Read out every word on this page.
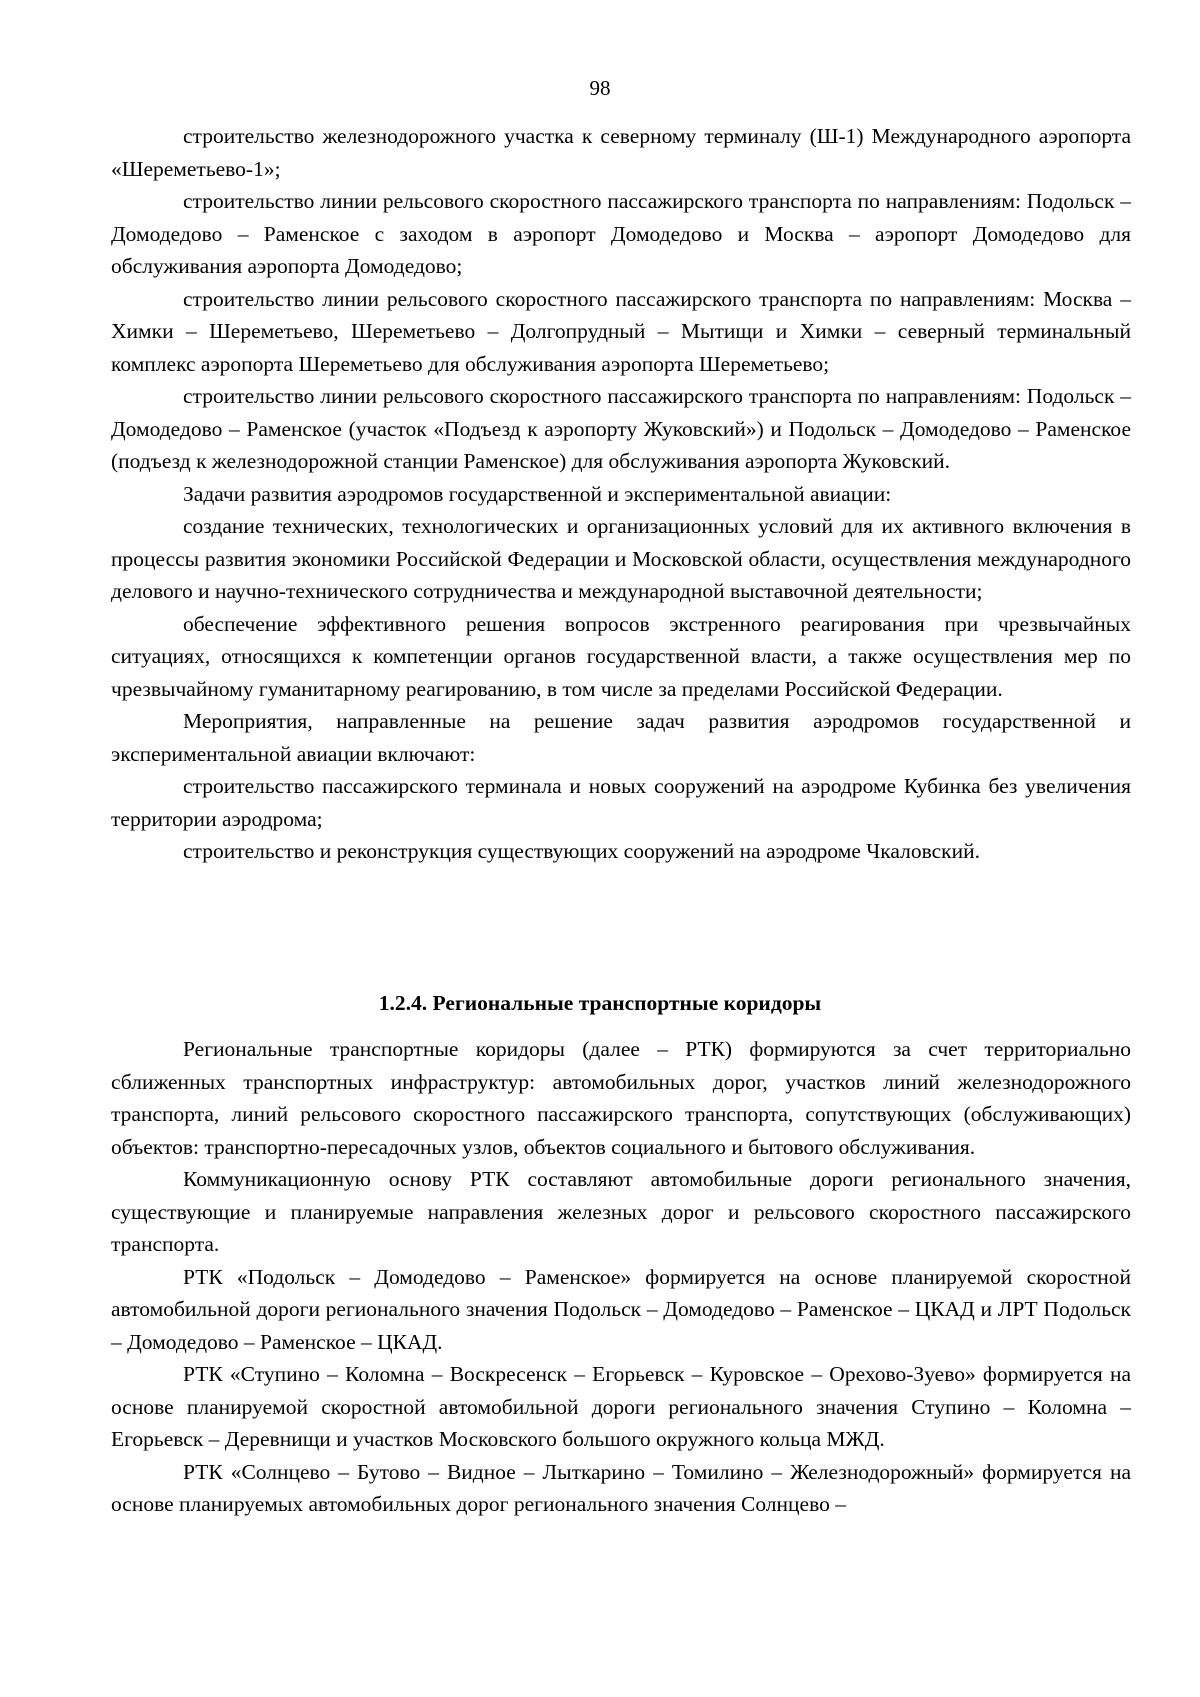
98

строительство железнодорожного участка к северному терминалу (Ш-1) Международного аэропорта «Шереметьево-1»;

строительство линии рельсового скоростного пассажирского транспорта по направлениям: Подольск – Домодедово – Раменское с заходом в аэропорт Домодедово и Москва – аэропорт Домодедово для обслуживания аэропорта Домодедово;

строительство линии рельсового скоростного пассажирского транспорта по направлениям: Москва – Химки – Шереметьево, Шереметьево – Долгопрудный – Мытищи и Химки – северный терминальный комплекс аэропорта Шереметьево для обслуживания аэропорта Шереметьево;

строительство линии рельсового скоростного пассажирского транспорта по направлениям: Подольск – Домодедово – Раменское (участок «Подъезд к аэропорту Жуковский») и Подольск – Домодедово – Раменское (подъезд к железнодорожной станции Раменское) для обслуживания аэропорта Жуковский.

Задачи развития аэродромов государственной и экспериментальной авиации:

создание технических, технологических и организационных условий для их активного включения в процессы развития экономики Российской Федерации и Московской области, осуществления международного делового и научно-технического сотрудничества и международной выставочной деятельности;

обеспечение эффективного решения вопросов экстренного реагирования при чрезвычайных ситуациях, относящихся к компетенции органов государственной власти, а также осуществления мер по чрезвычайному гуманитарному реагированию, в том числе за пределами Российской Федерации.

Мероприятия, направленные на решение задач развития аэродромов государственной и экспериментальной авиации включают:

строительство пассажирского терминала и новых сооружений на аэродроме Кубинка без увеличения территории аэродрома;

строительство и реконструкция существующих сооружений на аэродроме Чкаловский.

1.2.4. Региональные транспортные коридоры

Региональные транспортные коридоры (далее – РТК) формируются за счет территориально сближенных транспортных инфраструктур: автомобильных дорог, участков линий железнодорожного транспорта, линий рельсового скоростного пассажирского транспорта, сопутствующих (обслуживающих) объектов: транспортно-пересадочных узлов, объектов социального и бытового обслуживания.

Коммуникационную основу РТК составляют автомобильные дороги регионального значения, существующие и планируемые направления железных дорог и рельсового скоростного пассажирского транспорта.

РТК «Подольск – Домодедово – Раменское» формируется на основе планируемой скоростной автомобильной дороги регионального значения Подольск – Домодедово – Раменское – ЦКАД и ЛРТ Подольск – Домодедово – Раменское – ЦКАД.

РТК «Ступино – Коломна – Воскресенск – Егорьевск – Куровское – Орехово-Зуево» формируется на основе планируемой скоростной автомобильной дороги регионального значения Ступино – Коломна – Егорьевск – Деревнищи и участков Московского большого окружного кольца МЖД.

РТК «Солнцево – Бутово – Видное – Лыткарино – Томилино – Железнодорожный» формируется на основе планируемых автомобильных дорог регионального значения Солнцево –
